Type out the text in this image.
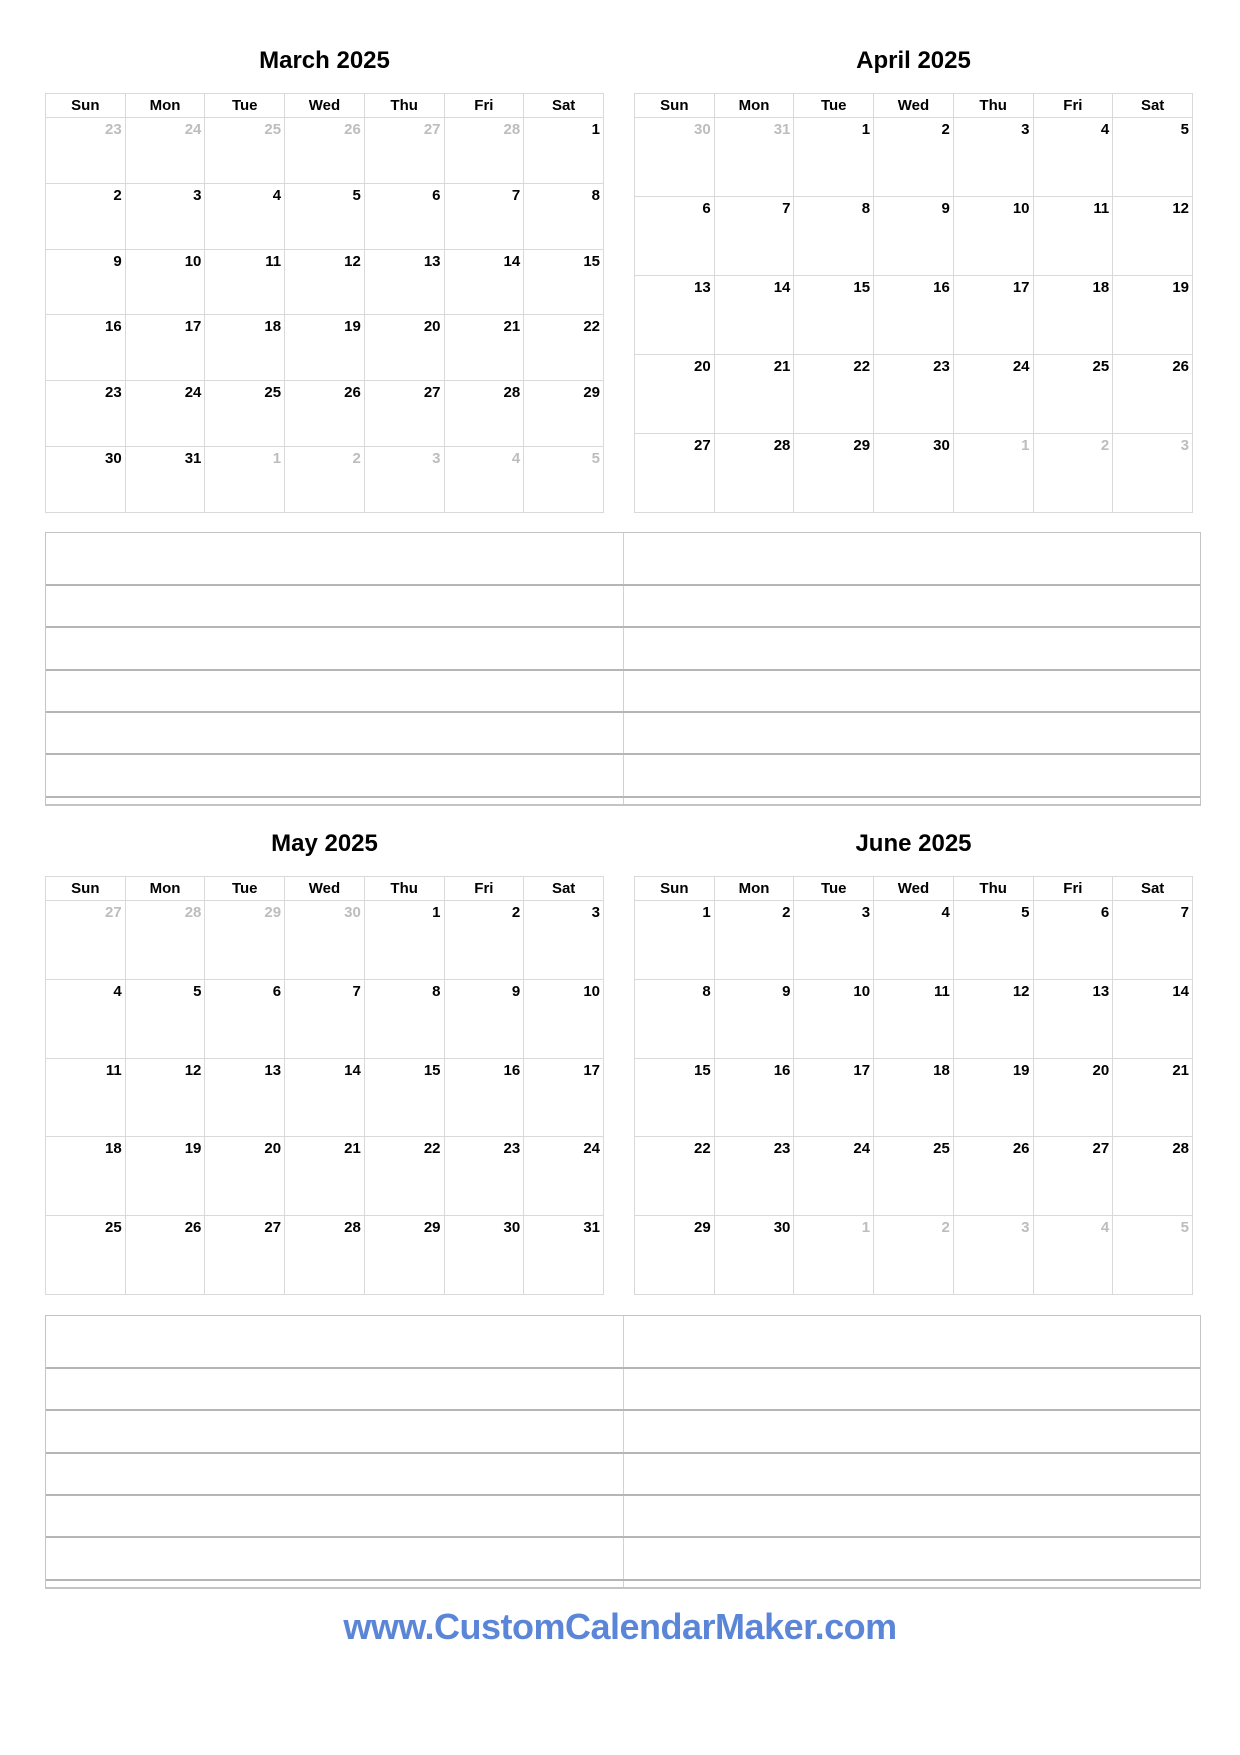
March 2025
Sun	Mon	Tue	Wed	Thu	Fri	Sat
23	24	25	26	27	28	1
2	3	4	5	6	7	8
9	10	11	12	13	14	15
16	17	18	19	20	21	22
23	24	25	26	27	28	29
30	31	1	2	3	4	5
April 2025
Sun	Mon	Tue	Wed	Thu	Fri	Sat
30	31	1	2	3	4	5
6	7	8	9	10	11	12
13	14	15	16	17	18	19
20	21	22	23	24	25	26
27	28	29	30	1	2	3
May 2025
Sun	Mon	Tue	Wed	Thu	Fri	Sat
27	28	29	30	1	2	3
4	5	6	7	8	9	10
11	12	13	14	15	16	17
18	19	20	21	22	23	24
25	26	27	28	29	30	31
June 2025
Sun	Mon	Tue	Wed	Thu	Fri	Sat
1	2	3	4	5	6	7
8	9	10	11	12	13	14
15	16	17	18	19	20	21
22	23	24	25	26	27	28
29	30	1	2	3	4	5
www.CustomCalendarMaker.com
